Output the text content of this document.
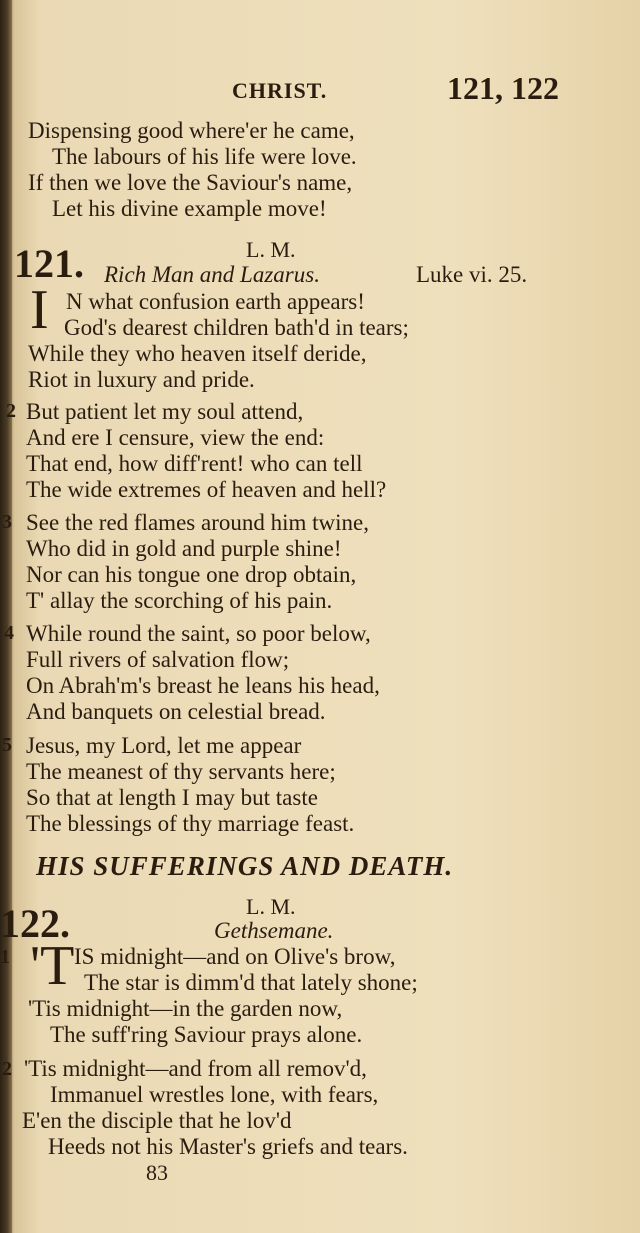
CHRIST.	121, 122
Dispensing good where'er he came,
The labours of his life were love.
If then we love the Saviour's name,
Let his divine example move!
121.	L. M.
Rich Man and Lazarus.	Luke vi. 25.
I N what confusion earth appears!
God's dearest children bath'd in tears;
While they who heaven itself deride,
Riot in luxury and pride.
2 But patient let my soul attend,
And ere I censure, view the end:
That end, how diff'rent! who can tell
The wide extremes of heaven and hell?
3 See the red flames around him twine,
Who did in gold and purple shine!
Nor can his tongue one drop obtain,
T' allay the scorching of his pain.
4 While round the saint, so poor below,
Full rivers of salvation flow;
On Abrah'm's breast he leans his head,
And banquets on celestial bread.
5 Jesus, my Lord, let me appear
The meanest of thy servants here;
So that at length I may but taste
The blessings of thy marriage feast.
HIS SUFFERINGS AND DEATH.
122.	L. M.
Gethsemane.
1 'T IS midnight—and on Olive's brow,
The star is dimm'd that lately shone;
'Tis midnight—in the garden now,
The suff'ring Saviour prays alone.
2 'Tis midnight—and from all remov'd,
Immanuel wrestles lone, with fears,
E'en the disciple that he lov'd
Heeds not his Master's griefs and tears.
83
